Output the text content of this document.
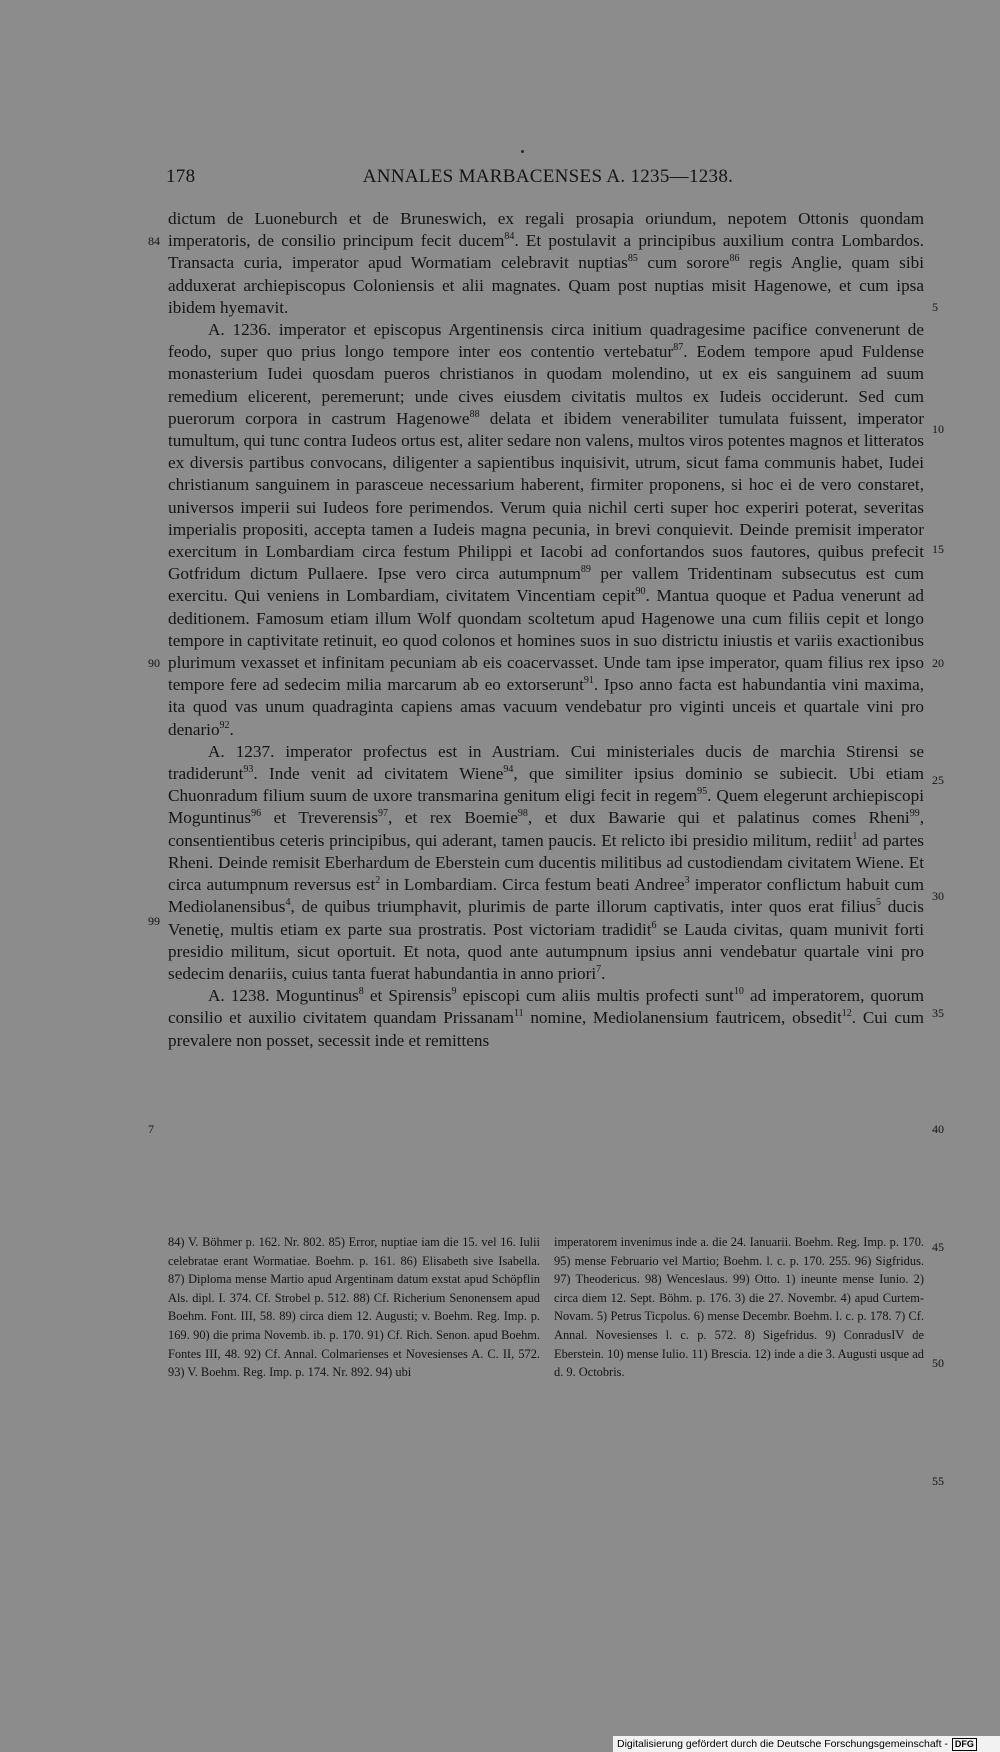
178	ANNALES MARBACENSES A. 1235—1238.

dictum de Luoneburch et de Bruneswich, ex regali prosapia oriundum, nepotem Ottonis quondam imperatoris, de consilio principum fecit ducem$^{84}$. Et postulavit a principibus auxilium contra Lombardos. Transacta curia, imperator apud Wormatiam celebravit nuptias$^{85}$ cum sorore$^{86}$ regis Anglie, quam sibi adduxerat archiepiscopus Coloniensis et alii magnates. Quam post nuptias misit Hagenowe, et cum ipsa ibidem hyemavit.

A. 1236. imperator et episcopus Argentinensis circa initium quadragesime pacifice convenerunt de feodo, super quo prius longo tempore inter eos contentio vertebatur$^{87}$. Eodem tempore apud Fuldense monasterium Iudei quosdam pueros christianos in quodam molendino, ut ex eis sanguinem ad suum remedium elicerent, peremerunt; unde cives eiusdem civitatis multos ex Iudeis occiderunt. Sed cum puerorum corpora in castrum Hagenowe$^{88}$ delata et ibidem venerabiliter tumulata fuissent, imperator tumultum, qui tunc contra Iudeos ortus est, aliter sedare non valens, multos viros potentes magnos et litteratos ex diversis partibus convocans, diligenter a sapientibus inquisivit, utrum, sicut fama communis habet, Iudei christianum sanguinem in parasceue necessarium haberent, firmiter proponens, si hoc ei de vero constaret, universos imperii sui Iudeos fore perimendos. Verum quia nichil certi super hoc experiri poterat, severitas imperialis propositi, accepta tamen a Iudeis magna pecunia, in brevi conquievit. Deinde premisit imperator exercitum in Lombardiam circa festum Philippi et Iacobi ad confortandos suos fautores, quibus prefecit Gotfridum dictum Pullaere. Ipse vero circa autumpnum$^{89}$ per vallem Tridentinam subsecutus est cum exercitu. Qui veniens in Lombardiam, civitatem Vincentiam cepit$^{90}$. Mantua quoque et Padua venerunt ad deditionem. Famosum etiam illum Wolf quondam scoltetum apud Hagenowe una cum filiis cepit et longo tempore in captivitate retinuit, eo quod colonos et homines suos in suo districtu iniustis et variis exactionibus plurimum vexasset et infinitam pecuniam ab eis coacervasset. Unde tam ipse imperator, quam filius rex ipso tempore fere ad sedecim milia marcarum ab eo extorserunt$^{91}$. Ipso anno facta est habundantia vini maxima, ita quod vas unum quadraginta capiens amas vacuum vendebatur pro viginti unceis et quartale vini pro denario$^{92}$.

A. 1237. imperator profectus est in Austriam. Cui ministeriales ducis de marchia Stirensi se tradiderunt$^{93}$. Inde venit ad civitatem Wiene$^{94}$, que similiter ipsius dominio se subiecit. Ubi etiam Chuonradum filium suum de uxore transmarina genitum eligi fecit in regem$^{95}$. Quem elegerunt archiepiscopi Moguntinus$^{96}$ et Treverensis$^{97}$, et rex Boemie$^{98}$, et dux Bawarie qui et palatinus comes Rheni$^{99}$, consentientibus ceteris principibus, qui aderant, tamen paucis. Et relicto ibi presidio militum, rediit$^1$ ad partes Rheni. Deinde remisit Eberhardum de Eberstein cum ducentis militibus ad custodiendam civitatem Wiene. Et circa autumpnum reversus est$^2$ in Lombardiam. Circa festum beati Andree$^3$ imperator conflictum habuit cum Mediolanensibus$^4$, de quibus triumphavit, plurimis de parte illorum captivatis, inter quos erat filius$^5$ ducis Venetię, multis etiam ex parte sua prostratis. Post victoriam tradidit$^6$ se Lauda civitas, quam munivit forti presidio militum, sicut oportuit. Et nota, quod ante autumpnum ipsius anni vendebatur quartale vini pro sedecim denariis, cuius tanta fuerat habundantia in anno priori$^7$.

A. 1238. Moguntinus$^8$ et Spirensis$^9$ episcopi cum aliis multis profecti sunt$^{10}$ ad imperatorem, quorum consilio et auxilio civitatem quandam Prissanam$^{11}$ nomine, Mediolanensium fautricem, obsedit$^{12}$. Cui cum prevalere non posset, secessit inde et remittens

5
10
15
20
25
30
35
40
45
50
55
84
90
99
7
84) V. Böhmer p. 162. Nr. 802. 85) Error, nuptiae iam die 15. vel 16. Iulii celebratae erant Wormatiae. Boehm. p. 161. 86) Elisabeth sive Isabella. 87) Diploma mense Martio apud Argentinam datum exstat apud Schöpflin Als. dipl. I. 374. Cf. Strobel p. 512. 88) Cf. Richerium Senonensem apud Boehm. Font. III, 58. 89) circa diem 12. Augusti; v. Boehm. Reg. Imp. p. 169. 90) die prima Novemb. ib. p. 170. 91) Cf. Rich. Senon. apud Boehm. Fontes III, 48. 92) Cf. Annal. Colmarienses et Novesienses A. C. II, 572. 93) V. Boehm. Reg. Imp. p. 174. Nr. 892. 94) ubi
imperatorem invenimus inde a. die 24. Ianuarii. Boehm. Reg. Imp. p. 170. 95) mense Februario vel Martio; Boehm. l. c. p. 170. 255. 96) Sigfridus. 97) Theodericus. 98) Wenceslaus. 99) Otto. 1) ineunte mense Iunio. 2) circa diem 12. Sept. Böhm. p. 176. 3) die 27. Novembr. 4) apud Curtem-Novam. 5) Petrus Ticpolus. 6) mense Decembr. Boehm. l. c. p. 178. 7) Cf. Annal. Novesienses l. c. p. 572. 8) Sigefridus. 9) ConradusIV de Eberstein. 10) mense Iulio. 11) Brescia. 12) inde a die 3. Augusti usque ad d. 9. Octobris.
Digitalisierung gefördert durch die Deutsche Forschungsgemeinschaft - DFG
